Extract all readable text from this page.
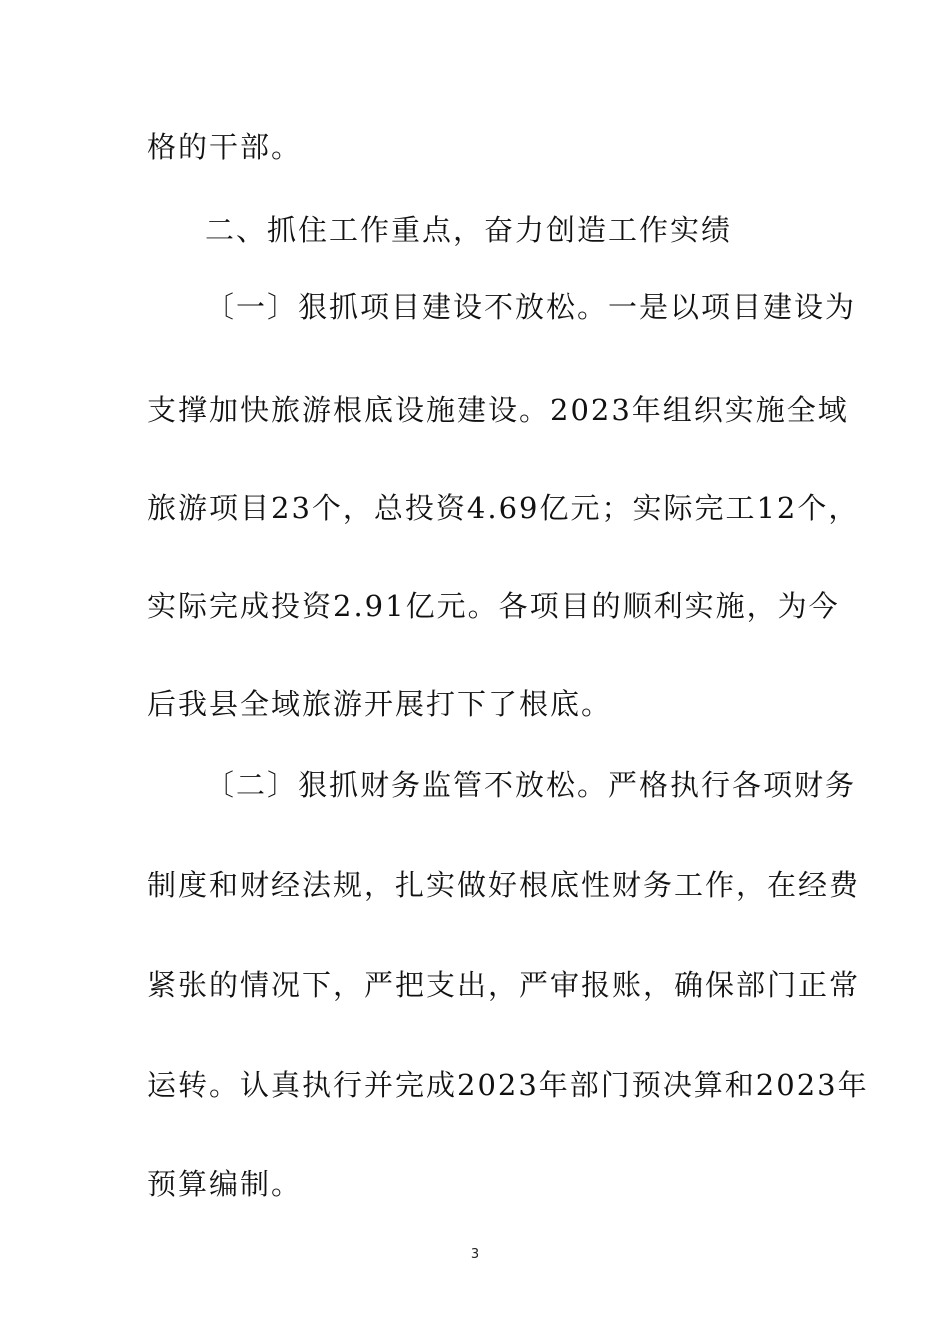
格的干部。
二、抓住工作重点，奋力创造工作实绩
〔一〕狠抓项目建设不放松。一是以项目建设为
支撑加快旅游根底设施建设。2023年组织实施全域
旅游项目23个，总投资4.69亿元；实际完工12个，
实际完成投资2.91亿元。各项目的顺利实施，为今
后我县全域旅游开展打下了根底。
〔二〕狠抓财务监管不放松。严格执行各项财务
制度和财经法规，扎实做好根底性财务工作，在经费
紧张的情况下，严把支出，严审报账，确保部门正常
运转。认真执行并完成2023年部门预决算和2023年
预算编制。
3
